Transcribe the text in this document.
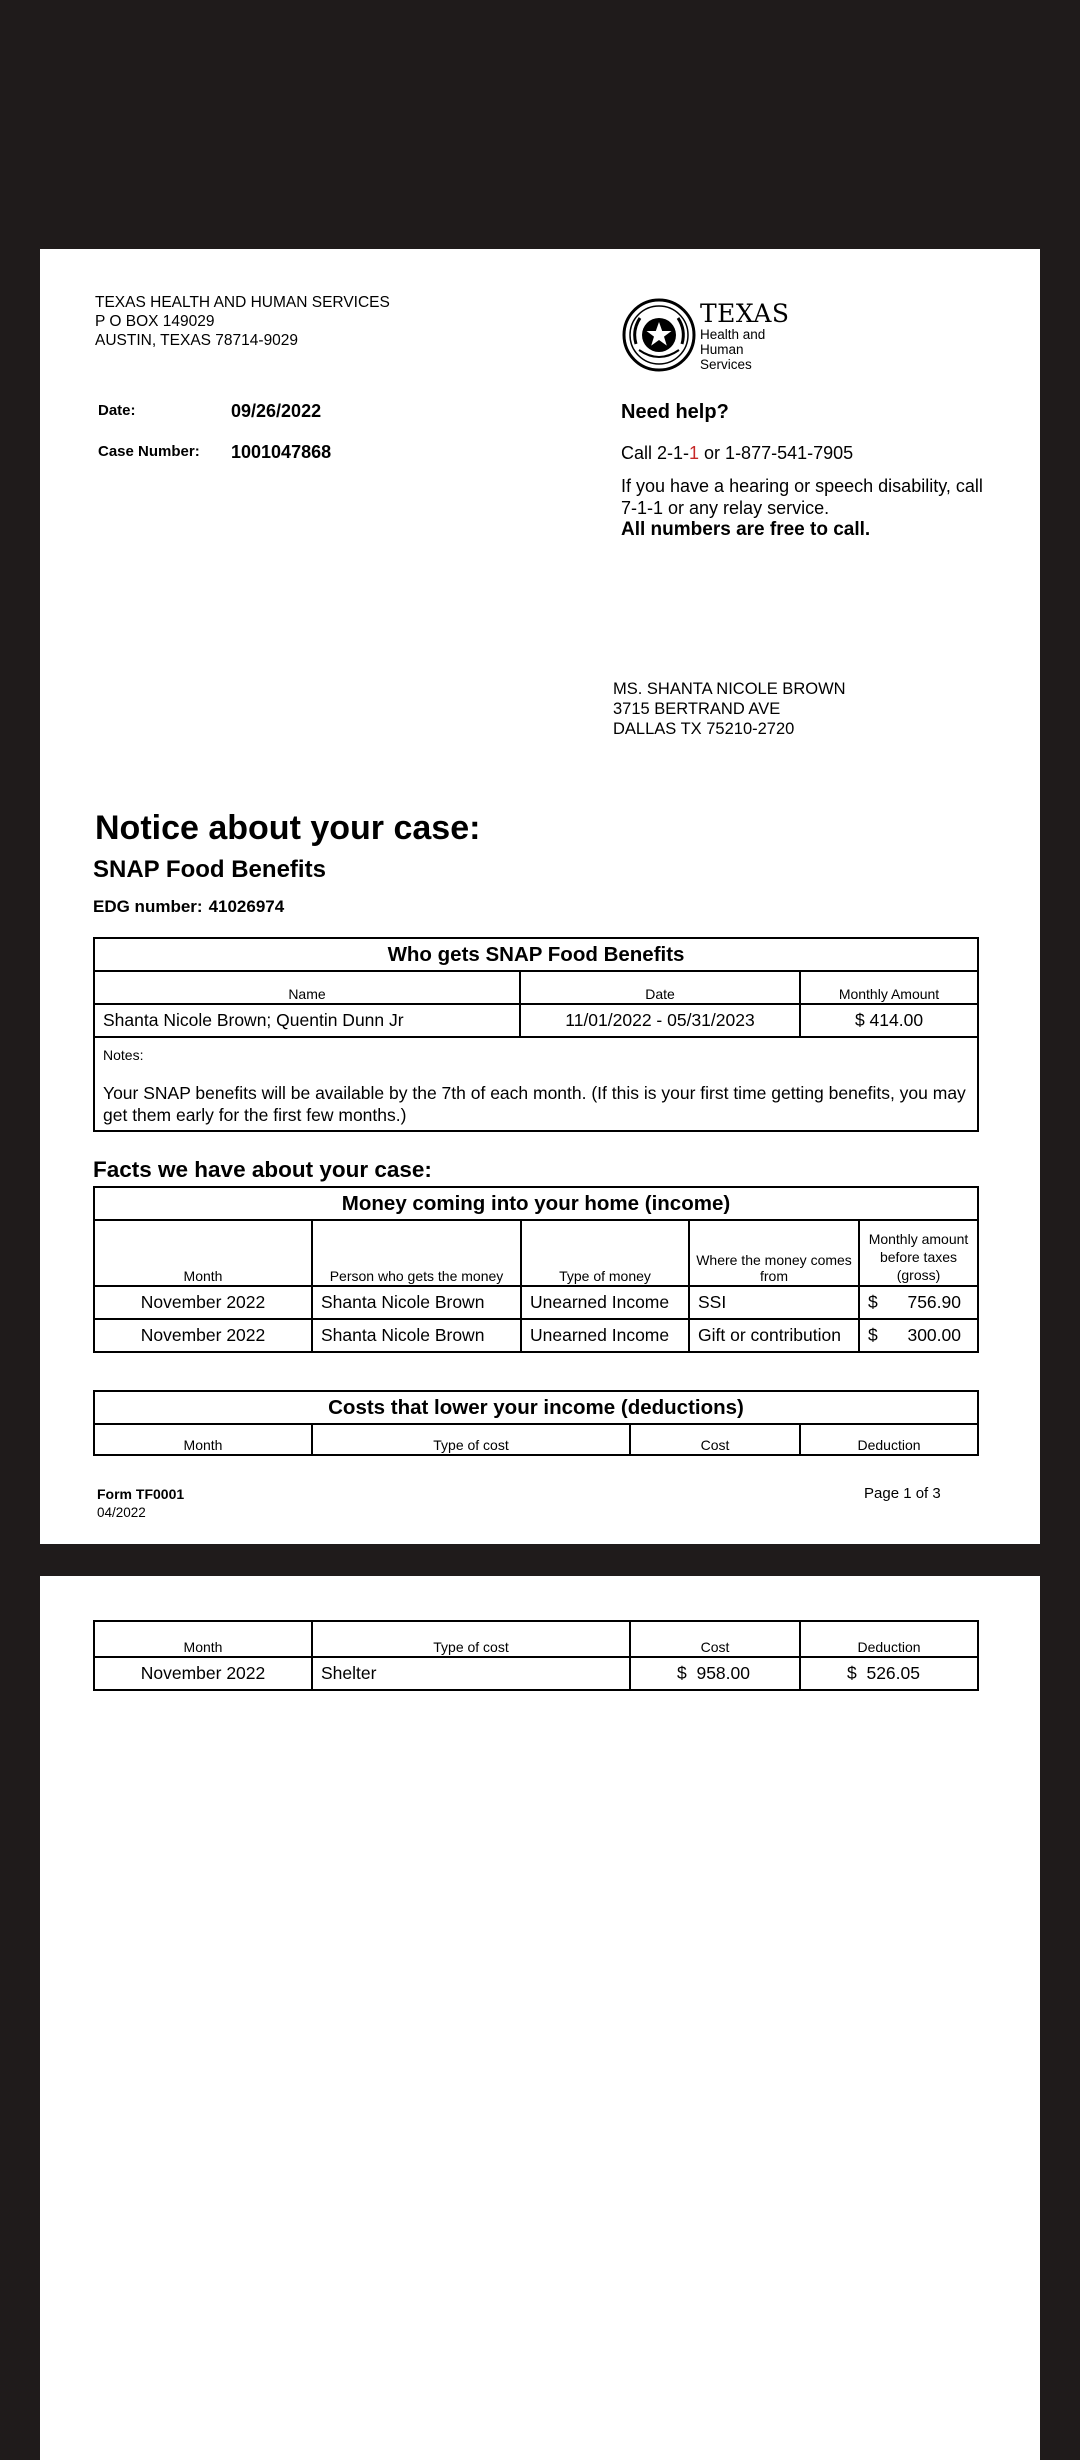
TEXAS HEALTH AND HUMAN SERVICES
P O BOX 149029
AUSTIN, TEXAS 78714-9029
TEXAS
Health and Human
Services
Date:	09/26/2022
Case Number: 1001047868
Need help?
Call 2-1-1 or 1-877-541-7905
If you have a hearing or speech disability, call 7-1-1 or any relay service.
All numbers are free to call.
MS. SHANTA NICOLE BROWN
3715 BERTRAND AVE
DALLAS TX 75210-2720
Notice about your case:
SNAP Food Benefits
EDG number: 41026974
Who gets SNAP Food Benefits		
Name	Date	Monthly Amount
Shanta Nicole Brown; Quentin Dunn Jr	11/01/2022 - 05/31/2023	$ 414.00

Notes:
Your SNAP benefits will be available by the 7th of each month. (If this is your first time getting benefits, you may get them early for the first few months.)		
Facts we have about your case:
Money coming into your home (income)				
Month	Person who gets the money	Type of money	Where the money comes from	Monthly amount before taxes (gross)
November 2022	Shanta Nicole Brown	Unearned Income	SSI	$ 756.90

November 2022	Shanta Nicole Brown	Unearned Income	Gift or contribution	$ 300.00
Costs that lower your income (deductions)
Month	Type of cost	Cost	Deduction
Form TF0001
04/2022
Page 1 of 3
Month	Type of cost	Cost	Deduction
November 2022	Shelter	$ 958.00	$ 526.05
